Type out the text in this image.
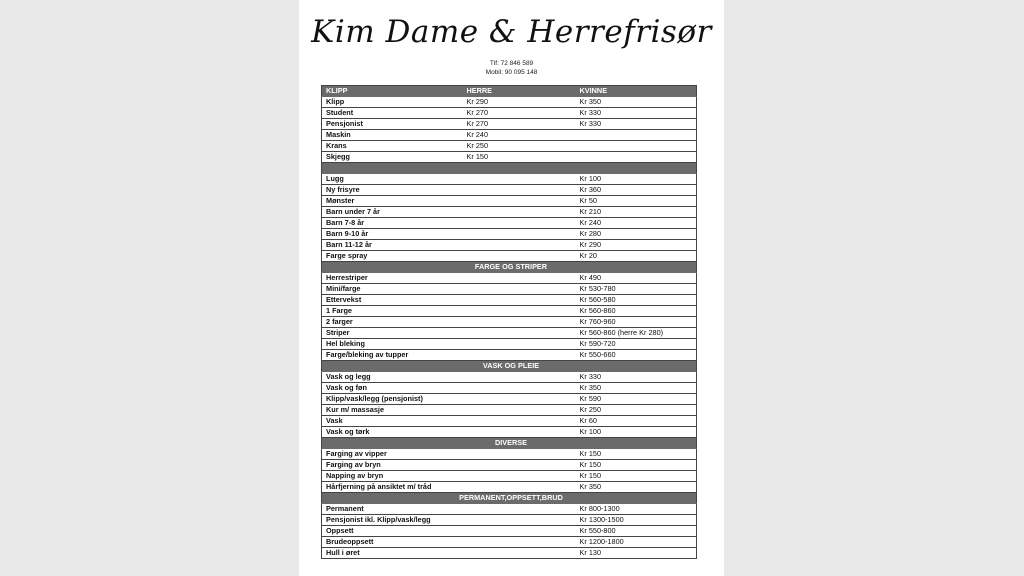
Kim Dame & Herrefrisør
Tlf: 72 846 589
Mobil: 90 095 148
KLIPP	HERRE	KVINNE
Klipp	Kr 290	Kr 350
Student	Kr 270	Kr 330
Pensjonist	Kr 270	Kr 330
Maskin	Kr 240	
Krans	Kr 250	
Skjegg	Kr 150	

Lugg		Kr 100
Ny frisyre		Kr 360
Mønster		Kr 50
Barn under 7 år		Kr 210
Barn 7-8 år		Kr 240
Barn 9-10 år		Kr 280
Barn 11-12 år		Kr 290
Farge spray		Kr 20
FARGE OG STRIPER		
Herrestriper		Kr 490
Mini/farge		Kr 530-780
Ettervekst		Kr 560-580
1 Farge		Kr 560-860
2 farger		Kr 760-960
Striper		Kr 560-860 (herre Kr 280)
Hel bleking		Kr 590-720
Farge/bleking av tupper		Kr 550-660
VASK OG PLEIE		
Vask og legg		Kr 330
Vask og føn		Kr 350
Klipp/vask/legg (pensjonist)		Kr 590
Kur m/ massasje		Kr 250
Vask		Kr 60
Vask og tørk		Kr 100
DIVERSE		
Farging av vipper		Kr 150
Farging av bryn		Kr 150
Napping av bryn		Kr 150
Hårfjerning på ansiktet m/ tråd		Kr 350
PERMANENT,OPPSETT,BRUD		
Permanent		Kr 800-1300
Pensjonist ikl. Klipp/vask/legg		Kr 1300-1500
Oppsett		Kr 550-800
Brudeoppsett		Kr 1200-1800
Hull i øret		Kr 130
